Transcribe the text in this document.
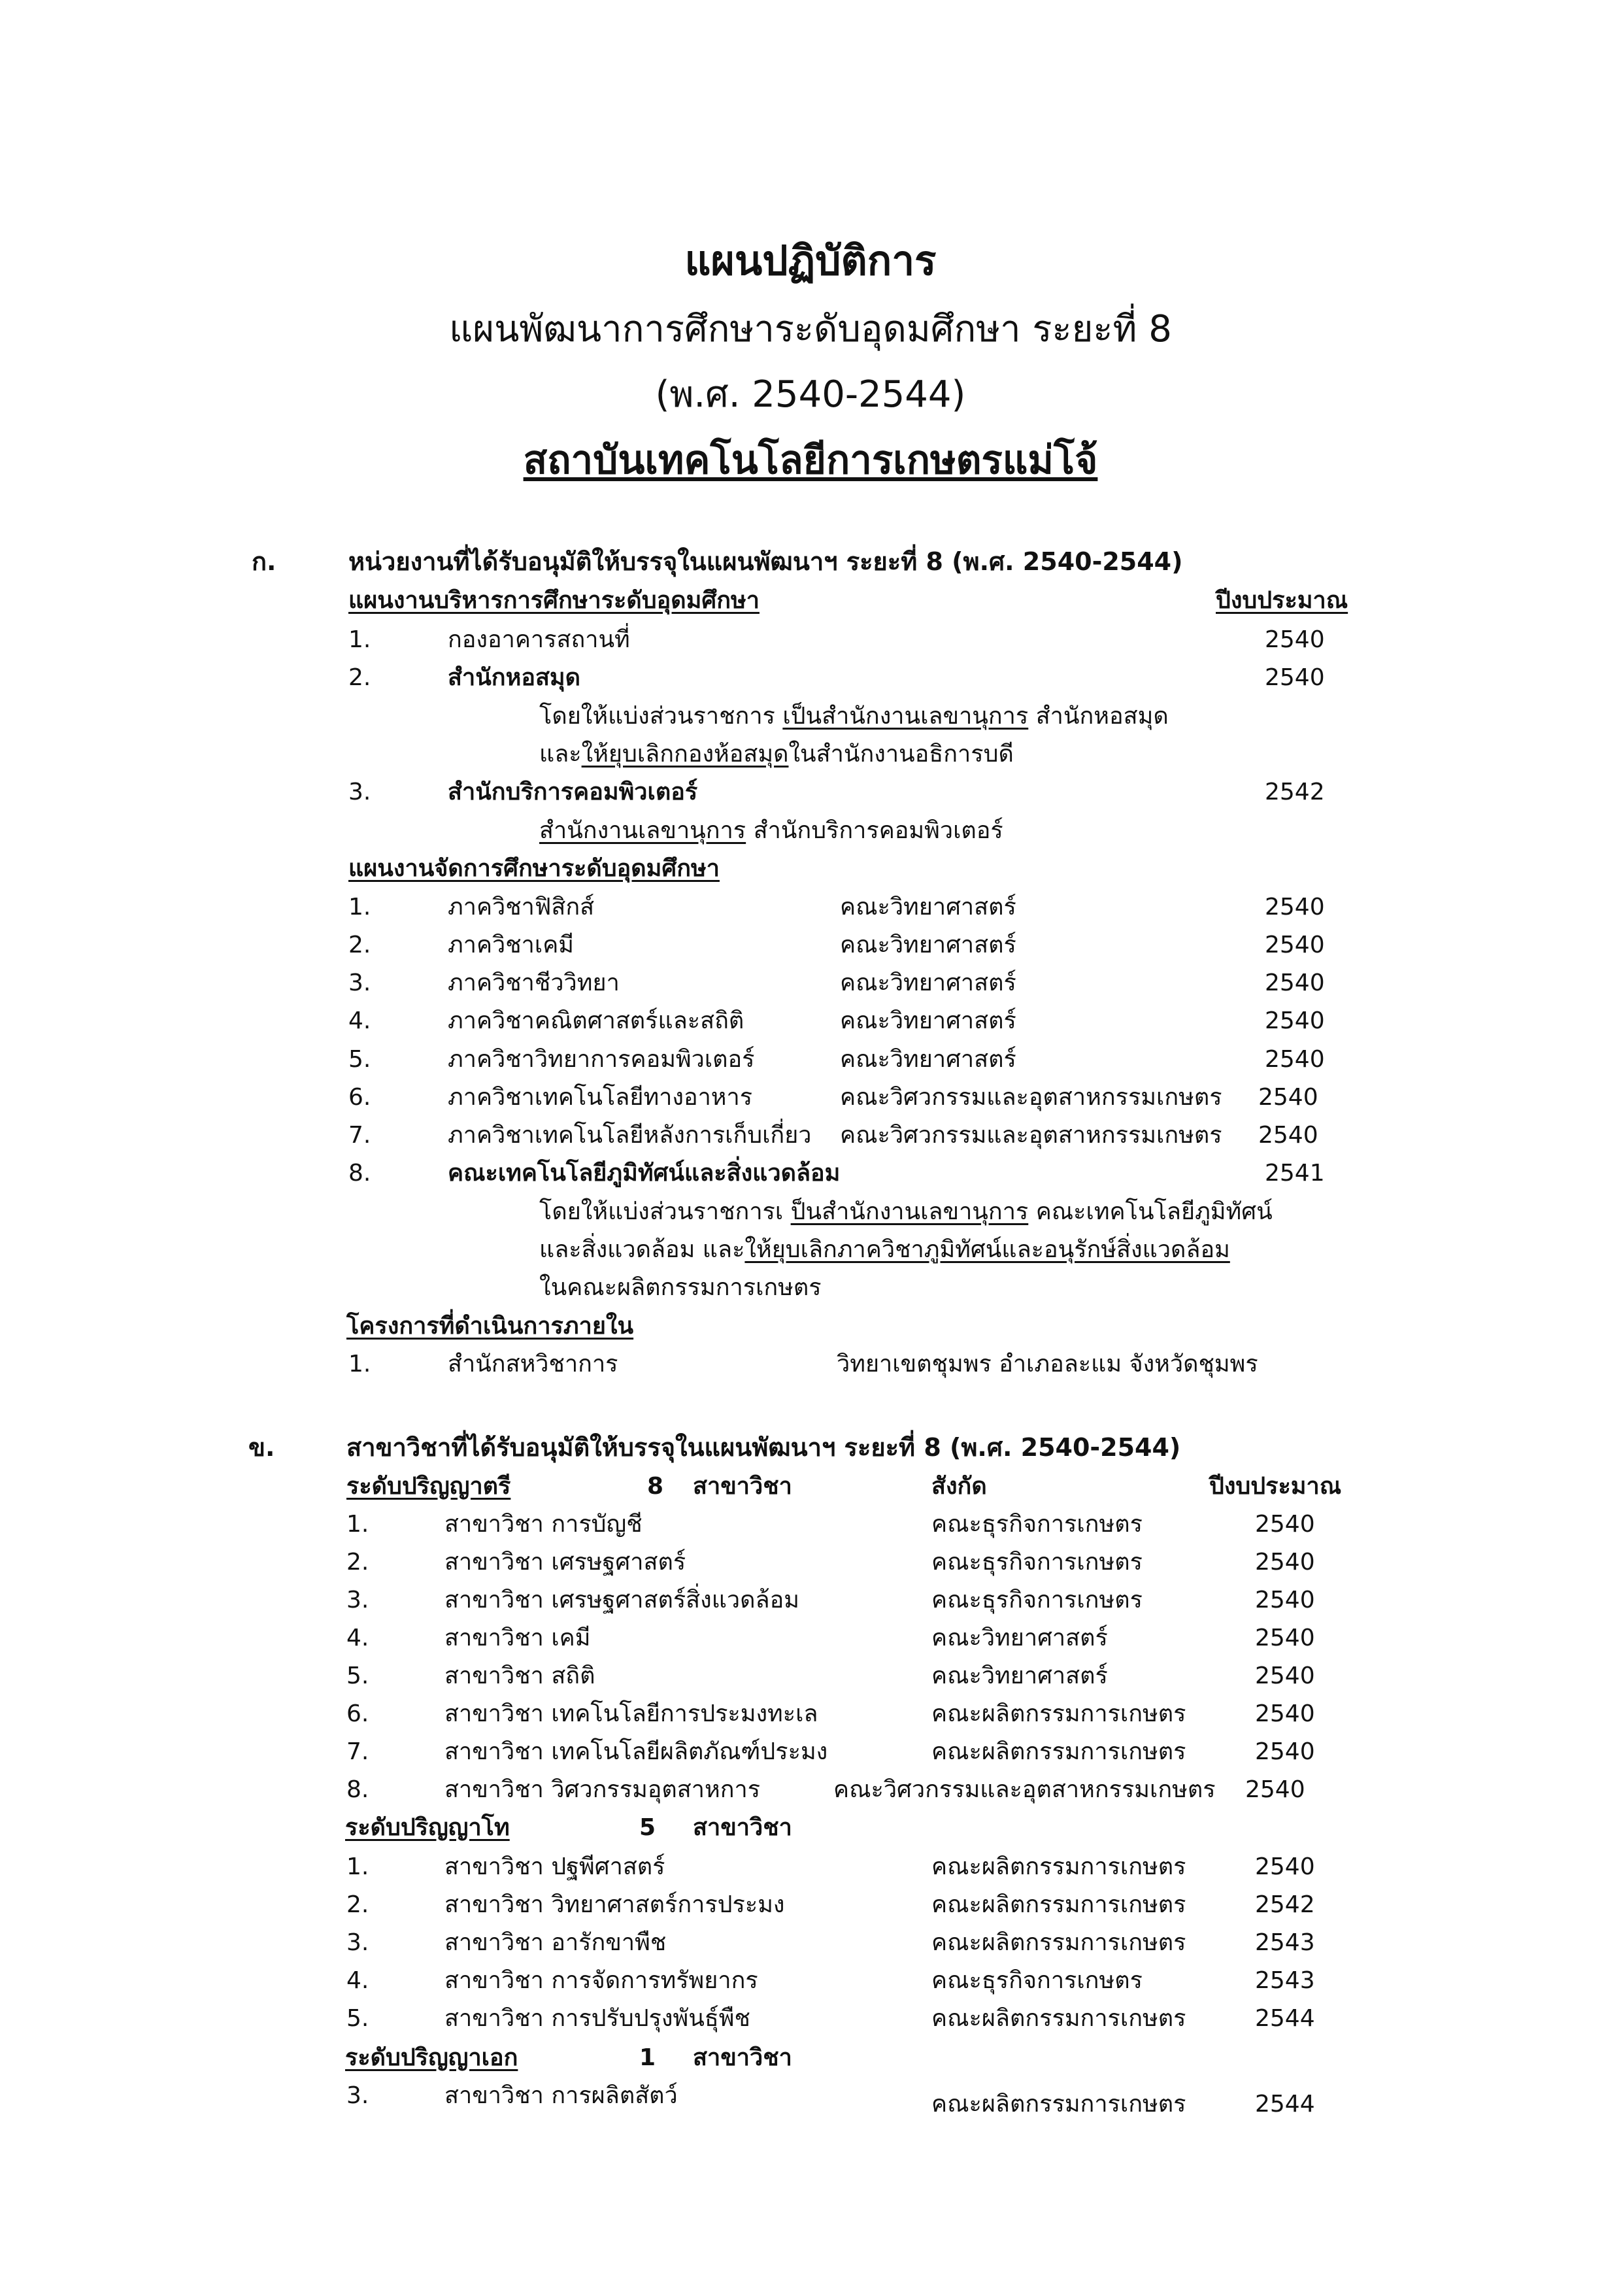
แผนปฏิบัติการ
แผนพัฒนาการศึกษาระดับอุดมศึกษา ระยะที่ 8
(พ.ศ. 2540-2544)
สถาบันเทคโนโลยีการเกษตรแม่โจ้
ก.	หน่วยงานที่ได้รับอนุมัติให้บรรจุในแผนพัฒนาฯ ระยะที่ 8 (พ.ศ. 2540-2544)
แผนงานบริหารการศึกษาระดับอุดมศึกษา	ปีงบประมาณ
1.	กองอาคารสถานที่	2540
2.	สำนักหอสมุด	2540
โดยให้แบ่งส่วนราชการ เป็นสำนักงานเลขานุการ สำนักหอสมุด
และให้ยุบเลิกกองห้อสมุดในสำนักงานอธิการบดี
3.	สำนักบริการคอมพิวเตอร์	2542
สำนักงานเลขานุการ สำนักบริการคอมพิวเตอร์
แผนงานจัดการศึกษาระดับอุดมศึกษา
1.	ภาควิชาฟิสิกส์	คณะวิทยาศาสตร์	2540
2.	ภาควิชาเคมี	คณะวิทยาศาสตร์	2540
3.	ภาควิชาชีววิทยา	คณะวิทยาศาสตร์	2540
4.	ภาควิชาคณิตศาสตร์และสถิติ	คณะวิทยาศาสตร์	2540
5.	ภาควิชาวิทยาการคอมพิวเตอร์	คณะวิทยาศาสตร์	2540
6.	ภาควิชาเทคโนโลยีทางอาหาร	คณะวิศวกรรมและอุตสาหกรรมเกษตร 2540
7.	ภาควิชาเทคโนโลยีหลังการเก็บเกี่ยว คณะวิศวกรรมและอุตสาหกรรมเกษตร 2540
8.	คณะเทคโนโลยีภูมิทัศน์และสิ่งแวดล้อม	2541
โดยให้แบ่งส่วนราชการเ ป็นสำนักงานเลขานุการ คณะเทคโนโลยีภูมิทัศน์
และสิ่งแวดล้อม และให้ยุบเลิกภาควิชาภูมิทัศน์และอนุรักษ์สิ่งแวดล้อม
ในคณะผลิตกรรมการเกษตร
โครงการที่ดำเนินการภายใน
1.	สำนักสหวิชาการ	วิทยาเขตชุมพร อำเภอละแม จังหวัดชุมพร
ข.	สาขาวิชาที่ได้รับอนุมัติให้บรรจุในแผนพัฒนาฯ ระยะที่ 8 (พ.ศ. 2540-2544)
ระดับปริญญาตรี	8 สาขาวิชา	สังกัด	ปีงบประมาณ
1.	สาขาวิชา การบัญชี	คณะธุรกิจการเกษตร	2540
2.	สาขาวิชา เศรษฐศาสตร์	คณะธุรกิจการเกษตร	2540
3.	สาขาวิชา เศรษฐศาสตร์สิ่งแวดล้อม	คณะธุรกิจการเกษตร	2540
4.	สาขาวิชา เคมี	คณะวิทยาศาสตร์	2540
5.	สาขาวิชา สถิติ	คณะวิทยาศาสตร์	2540
6.	สาขาวิชา เทคโนโลยีการประมงทะเล	คณะผลิตกรรมการเกษตร	2540
7.	สาขาวิชา เทคโนโลยีผลิตภัณฑ์ประมง	คณะผลิตกรรมการเกษตร	2540
8.	สาขาวิชา วิศวกรรมอุตสาหการ	คณะวิศวกรรมและอุตสาหกรรมเกษตร 2540
ระดับปริญญาโท	5 สาขาวิชา
1.	สาขาวิชา ปฐพีศาสตร์	คณะผลิตกรรมการเกษตร	2540
2.	สาขาวิชา วิทยาศาสตร์การประมง	คณะผลิตกรรมการเกษตร	2542
3.	สาขาวิชา อารักขาพืช	คณะผลิตกรรมการเกษตร	2543
4.	สาขาวิชา การจัดการทรัพยากร	คณะธุรกิจการเกษตร	2543
5.	สาขาวิชา การปรับปรุงพันธุ์พืช	คณะผลิตกรรมการเกษตร	2544
ระดับปริญญาเอก	1 สาขาวิชา
3.	สาขาวิชา การผลิตสัตว์	คณะผลิตกรรมการเกษตร	2544
